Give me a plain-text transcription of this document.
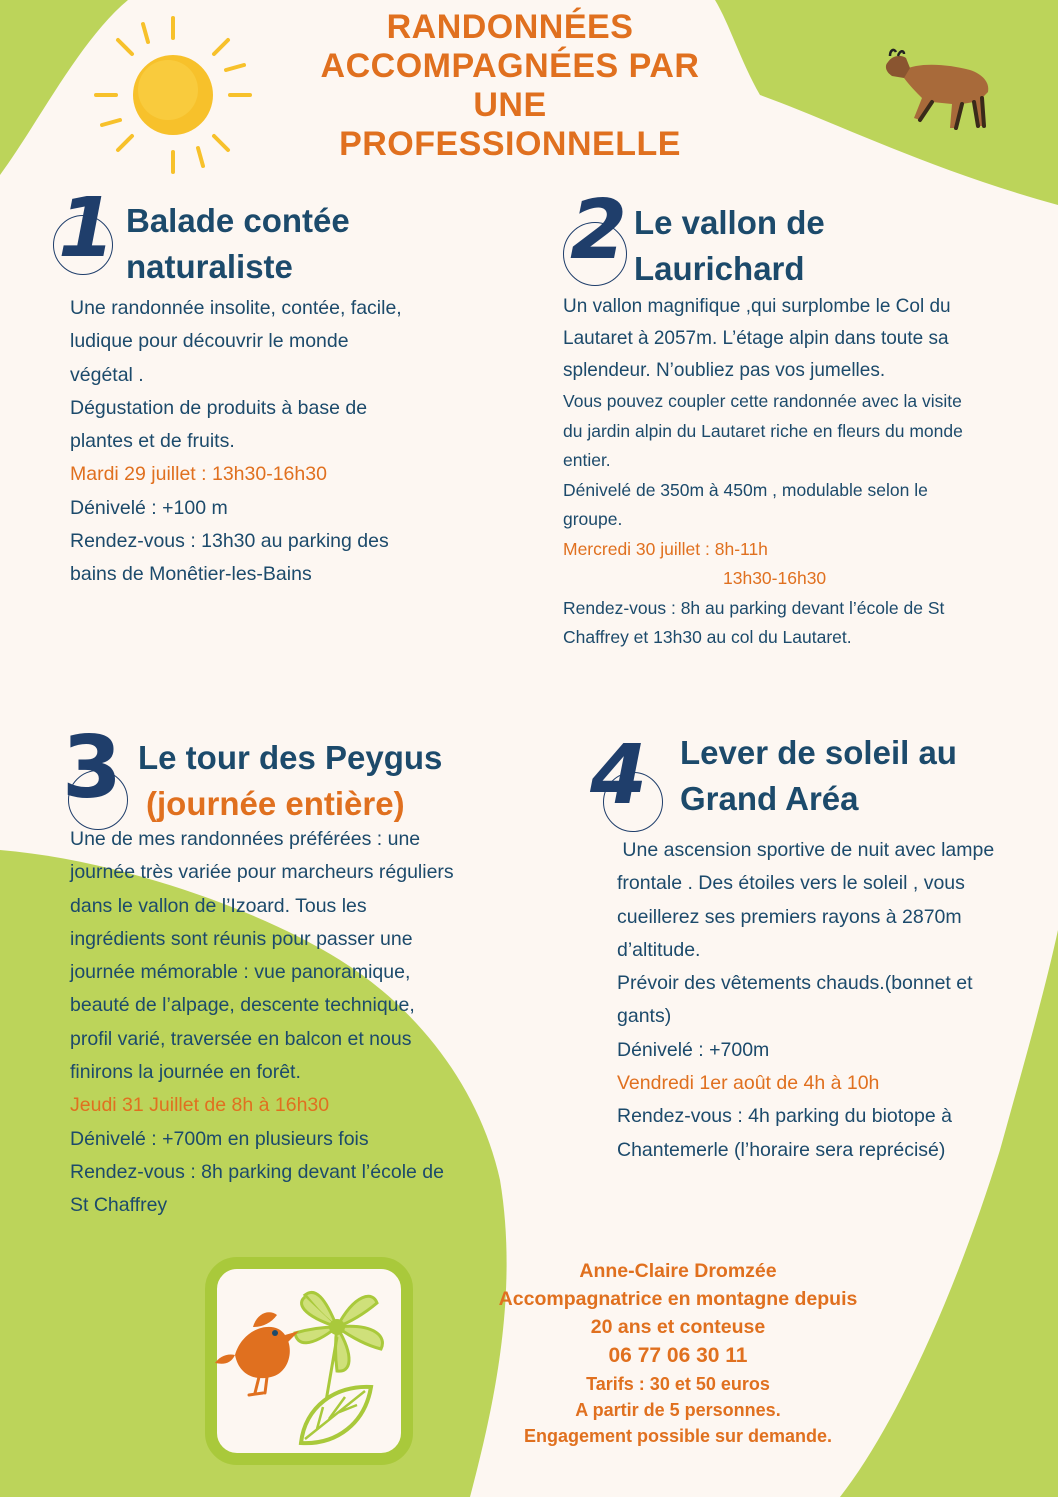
RANDONNÉES
ACCOMPAGNÉES PAR
UNE
PROFESSIONNELLE
1 Balade contée
naturaliste
Une randonnée insolite, contée, facile,
ludique pour découvrir le monde
végétal .
Dégustation de produits à base de
plantes et de fruits.
Mardi 29 juillet : 13h30-16h30
Dénivelé : +100 m
Rendez-vous : 13h30 au parking des
bains de Monêtier-les-Bains
2 Le vallon de
Laurichard
Un vallon magnifique ,qui surplombe le Col du
Lautaret à 2057m. L’étage alpin dans toute sa
splendeur. N’oubliez pas vos jumelles.
Vous pouvez coupler cette randonnée avec la visite
du jardin alpin du Lautaret riche en fleurs du monde
entier.
Dénivelé de 350m à 450m , modulable selon le
groupe.
Mercredi 30 juillet : 8h-11h
13h30-16h30
Rendez-vous : 8h au parking devant l’école de St
Chaffrey et 13h30 au col du Lautaret.
3 Le tour des Peygus
(journée entière)
Une de mes randonnées préférées : une
journée très variée pour marcheurs réguliers
dans le vallon de l’Izoard. Tous les
ingrédients sont réunis pour passer une
journée mémorable : vue panoramique,
beauté de l’alpage, descente technique,
profil varié, traversée en balcon et nous
finirons la journée en forêt.
Jeudi 31 Juillet de 8h à 16h30
Dénivelé : +700m en plusieurs fois
Rendez-vous : 8h parking devant l’école de
St Chaffrey
4 Lever de soleil au
Grand Aréa
Une ascension sportive de nuit avec lampe
frontale . Des étoiles vers le soleil , vous
cueillerez ses premiers rayons à 2870m
d’altitude.
Prévoir des vêtements chauds.(bonnet et
gants)
Dénivelé : +700m
Vendredi 1er août de 4h à 10h
Rendez-vous : 4h parking du biotope à
Chantemerle (l’horaire sera reprécisé)
Anne-Claire Dromzée
Accompagnatrice en montagne depuis
20 ans et conteuse
06 77 06 30 11
Tarifs : 30 et 50 euros
A partir de 5 personnes.
Engagement possible sur demande.
